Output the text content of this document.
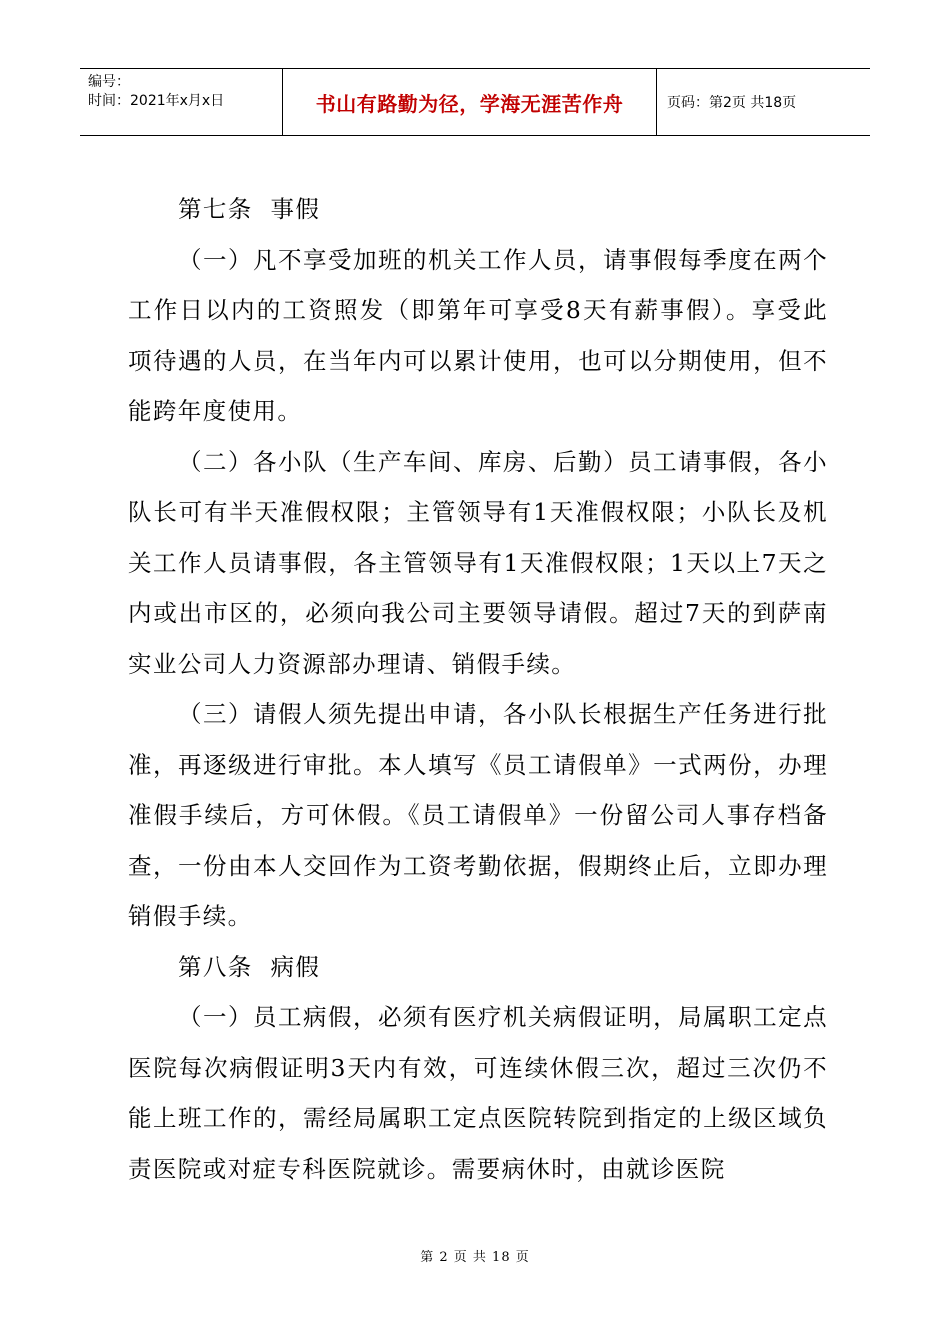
编号：
时间：2021年x月x日	书山有路勤为径，学海无涯苦作舟	页码：第2页 共18页

第七条  事假

（一）凡不享受加班的机关工作人员，请事假每季度在两个工作日以内的工资照发（即第年可享受8天有薪事假）。享受此项待遇的人员，在当年内可以累计使用，也可以分期使用，但不能跨年度使用。

（二）各小队（生产车间、库房、后勤）员工请事假，各小队长可有半天准假权限；主管领导有1天准假权限；小队长及机关工作人员请事假，各主管领导有1天准假权限；1天以上7天之内或出市区的，必须向我公司主要领导请假。超过7天的到萨南实业公司人力资源部办理请、销假手续。

（三）请假人须先提出申请，各小队长根据生产任务进行批准，再逐级进行审批。本人填写《员工请假单》一式两份，办理准假手续后，方可休假。《员工请假单》一份留公司人事存档备查，一份由本人交回作为工资考勤依据，假期终止后，立即办理销假手续。

第八条  病假

（一）员工病假，必须有医疗机关病假证明，局属职工定点医院每次病假证明3天内有效，可连续休假三次，超过三次仍不能上班工作的，需经局属职工定点医院转院到指定的上级区域负责医院或对症专科医院就诊。需要病休时，由就诊医院

第 2 页 共 18 页
